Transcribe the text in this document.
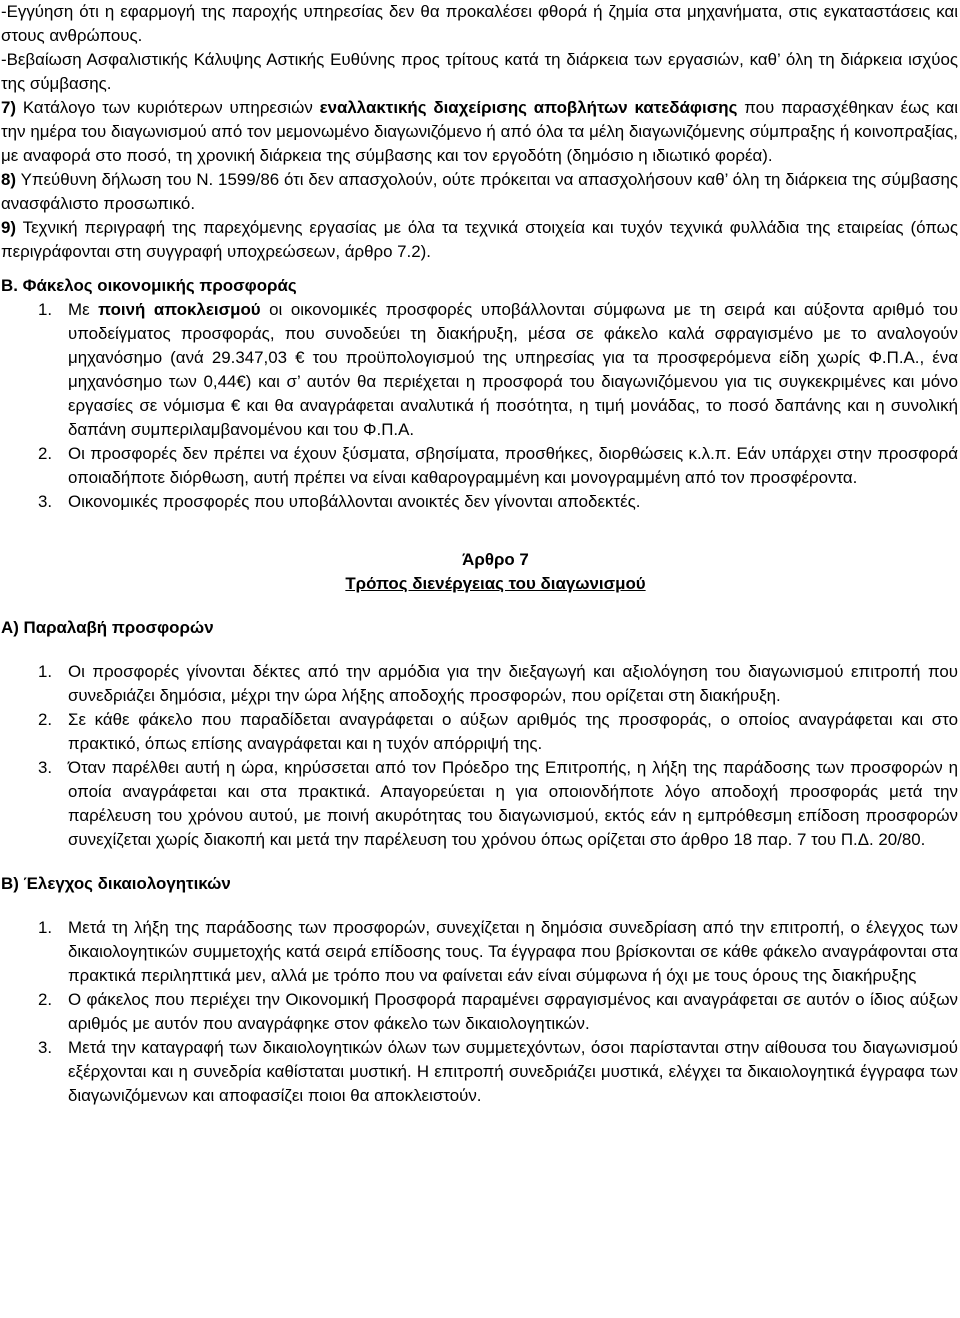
-Εγγύηση ότι η εφαρμογή της παροχής υπηρεσίας δεν θα προκαλέσει φθορά ή ζημία στα μηχανήματα, στις εγκαταστάσεις και στους ανθρώπους.

-Βεβαίωση Ασφαλιστικής Κάλυψης Αστικής Ευθύνης προς τρίτους κατά τη διάρκεια των εργασιών, καθ’ όλη τη διάρκεια ισχύος της σύμβασης.

7) Κατάλογο των κυριότερων υπηρεσιών εναλλακτικής διαχείρισης αποβλήτων κατεδάφισης που παρασχέθηκαν έως και την ημέρα του διαγωνισμού από τον μεμονωμένο διαγωνιζόμενο ή από όλα τα μέλη διαγωνιζόμενης σύμπραξης ή κοινοπραξίας, με αναφορά στο ποσό, τη χρονική διάρκεια της σύμβασης και τον εργοδότη (δημόσιο η ιδιωτικό φορέα).

8) Υπεύθυνη δήλωση του Ν. 1599/86 ότι δεν απασχολούν, ούτε πρόκειται να απασχολήσουν καθ’ όλη τη διάρκεια της σύμβασης ανασφάλιστο προσωπικό.

9) Τεχνική περιγραφή της παρεχόμενης εργασίας με όλα τα τεχνικά στοιχεία και τυχόν τεχνικά φυλλάδια της εταιρείας (όπως περιγράφονται στη συγγραφή υποχρεώσεων, άρθρο 7.2).

Β. Φάκελος οικονομικής προσφοράς

1. Με ποινή αποκλεισμού οι οικονομικές προσφορές υποβάλλονται σύμφωνα με τη σειρά και αύξοντα αριθμό του υποδείγματος προσφοράς, που συνοδεύει τη διακήρυξη, μέσα σε φάκελο καλά σφραγισμένο με το αναλογούν μηχανόσημο (ανά 29.347,03 € του προϋπολογισμού της υπηρεσίας για τα προσφερόμενα είδη χωρίς Φ.Π.Α., ένα μηχανόσημο των 0,44€) και σ’ αυτόν θα περιέχεται η προσφορά του διαγωνιζόμενου για τις συγκεκριμένες και μόνο εργασίες σε νόμισμα € και θα αναγράφεται αναλυτικά ή ποσότητα, η τιμή μονάδας, το ποσό δαπάνης και η συνολική δαπάνη συμπεριλαμβανομένου και του Φ.Π.Α.

2. Οι προσφορές δεν πρέπει να έχουν ξύσματα, σβησίματα, προσθήκες, διορθώσεις κ.λ.π. Εάν υπάρχει στην προσφορά οποιαδήποτε διόρθωση, αυτή πρέπει να είναι καθαρογραμμένη και μονογραμμένη από τον προσφέροντα.

3. Οικονομικές προσφορές που υποβάλλονται ανοικτές δεν γίνονται αποδεκτές.

Άρθρο 7
Τρόπος διενέργειας του διαγωνισμού

Α) Παραλαβή προσφορών

1. Οι προσφορές γίνονται δέκτες από την αρμόδια για την διεξαγωγή και αξιολόγηση του διαγωνισμού επιτροπή που συνεδριάζει δημόσια, μέχρι την ώρα λήξης αποδοχής προσφορών, που ορίζεται στη διακήρυξη.

2. Σε κάθε φάκελο που παραδίδεται αναγράφεται ο αύξων αριθμός της προσφοράς, ο οποίος αναγράφεται και στο πρακτικό, όπως επίσης αναγράφεται και η τυχόν απόρριψή της.

3. Όταν παρέλθει αυτή η ώρα, κηρύσσεται από τον Πρόεδρο της Επιτροπής, η λήξη της παράδοσης των προσφορών η οποία αναγράφεται και στα πρακτικά. Απαγορεύεται η για οποιονδήποτε λόγο αποδοχή προσφοράς μετά την παρέλευση του χρόνου αυτού, με ποινή ακυρότητας του διαγωνισμού, εκτός εάν η εμπρόθεσμη επίδοση προσφορών συνεχίζεται χωρίς διακοπή και μετά την παρέλευση του χρόνου όπως ορίζεται στο άρθρο 18 παρ. 7 του Π.Δ. 20/80.

Β) Έλεγχος δικαιολογητικών

1. Μετά τη λήξη της παράδοσης των προσφορών, συνεχίζεται η δημόσια συνεδρίαση από την επιτροπή, ο έλεγχος των δικαιολογητικών συμμετοχής κατά σειρά επίδοσης τους. Τα έγγραφα που βρίσκονται σε κάθε φάκελο αναγράφονται στα πρακτικά περιληπτικά μεν, αλλά με τρόπο που να φαίνεται εάν είναι σύμφωνα ή όχι με τους όρους της διακήρυξης

2. Ο φάκελος που περιέχει την Οικονομική Προσφορά παραμένει σφραγισμένος και αναγράφεται σε αυτόν ο ίδιος αύξων αριθμός με αυτόν που αναγράφηκε στον φάκελο των δικαιολογητικών.

3. Μετά την καταγραφή των δικαιολογητικών όλων των συμμετεχόντων, όσοι παρίστανται στην αίθουσα του διαγωνισμού εξέρχονται και η συνεδρία καθίσταται μυστική. Η επιτροπή συνεδριάζει μυστικά, ελέγχει τα δικαιολογητικά έγγραφα των διαγωνιζόμενων και αποφασίζει ποιοι θα αποκλειστούν.
